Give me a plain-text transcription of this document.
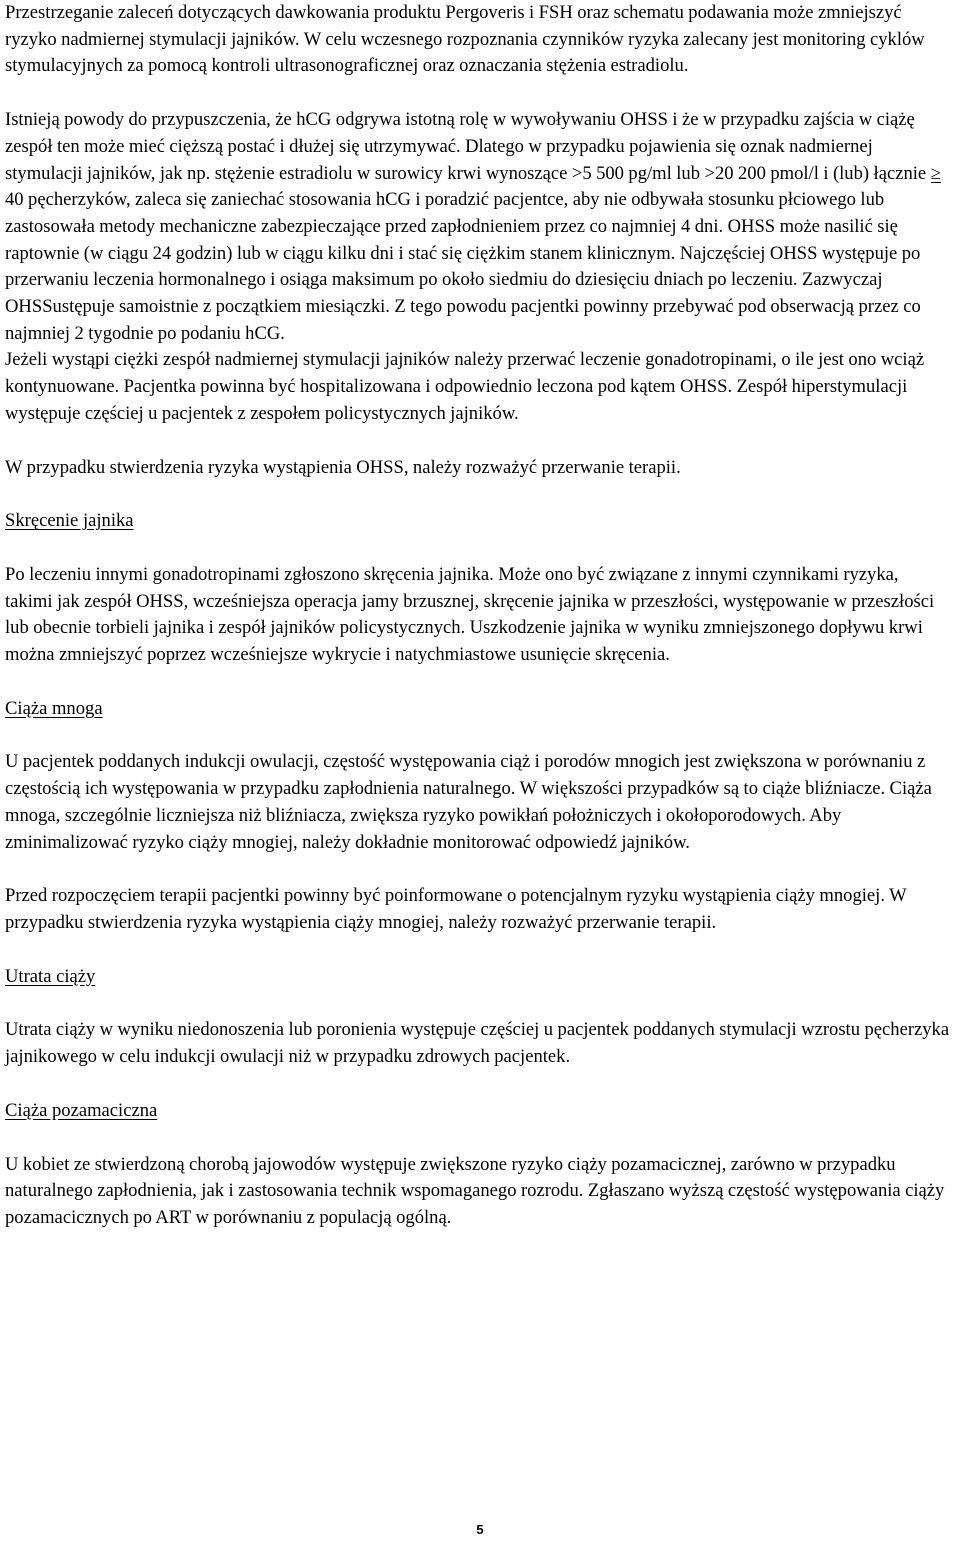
Przestrzeganie zaleceń dotyczących dawkowania produktu Pergoveris i FSH oraz schematu podawania może zmniejszyć ryzyko nadmiernej stymulacji jajników. W celu wczesnego rozpoznania czynników ryzyka zalecany jest monitoring cyklów stymulacyjnych za pomocą kontroli ultrasonograficznej oraz oznaczania stężenia estradiolu.

Istnieją powody do przypuszczenia, że hCG odgrywa istotną rolę w wywoływaniu OHSS i że w przypadku zajścia w ciążę zespół ten może mieć cięższą postać i dłużej się utrzymywać. Dlatego w przypadku pojawienia się oznak nadmiernej stymulacji jajników, jak np. stężenie estradiolu w surowicy krwi wynoszące >5 500 pg/ml lub >20 200 pmol/l i (lub) łącznie ≥40 pęcherzyków, zaleca się zaniechać stosowania hCG i poradzić pacjentce, aby nie odbywała stosunku płciowego lub zastosowała metody mechaniczne zabezpieczające przed zapłodnieniem przez co najmniej 4 dni. OHSS może nasilić się raptownie (w ciągu 24 godzin) lub w ciągu kilku dni i stać się ciężkim stanem klinicznym. Najczęściej OHSS występuje po przerwaniu leczenia hormonalnego i osiąga maksimum po około siedmiu do dziesięciu dniach po leczeniu. Zazwyczaj OHSSustępuje samoistnie z początkiem miesiączki. Z tego powodu pacjentki powinny przebywać pod obserwacją przez co najmniej 2 tygodnie po podaniu hCG.

Jeżeli wystąpi ciężki zespół nadmiernej stymulacji jajników należy przerwać leczenie gonadotropinami, o ile jest ono wciąż kontynuowane. Pacjentka powinna być hospitalizowana i odpowiednio leczona pod kątem OHSS. Zespół hiperstymulacji występuje częściej u pacjentek z zespołem policystycznych jajników.

W przypadku stwierdzenia ryzyka wystąpienia OHSS, należy rozważyć przerwanie terapii.

Skręcenie jajnika

Po leczeniu innymi gonadotropinami zgłoszono skręcenia jajnika. Może ono być związane z innymi czynnikami ryzyka, takimi jak zespół OHSS, wcześniejsza operacja jamy brzusznej, skręcenie jajnika w przeszłości, występowanie w przeszłości lub obecnie torbieli jajnika i zespół jajników policystycznych. Uszkodzenie jajnika w wyniku zmniejszonego dopływu krwi można zmniejszyć poprzez wcześniejsze wykrycie i natychmiastowe usunięcie skręcenia.

Ciąża mnoga

U pacjentek poddanych indukcji owulacji, częstość występowania ciąż i porodów mnogich jest zwiększona w porównaniu z częstością ich występowania w przypadku zapłodnienia naturalnego. W większości przypadków są to ciąże bliźniacze. Ciąża mnoga, szczególnie liczniejsza niż bliźniacza, zwiększa ryzyko powikłań położniczych i okołoporodowych. Aby zminimalizować ryzyko ciąży mnogiej, należy dokładnie monitorować odpowiedź jajników.

Przed rozpoczęciem terapii pacjentki powinny być poinformowane o potencjalnym ryzyku wystąpienia ciąży mnogiej. W przypadku stwierdzenia ryzyka wystąpienia ciąży mnogiej, należy rozważyć przerwanie terapii.

Utrata ciąży

Utrata ciąży w wyniku niedonoszenia lub poronienia występuje częściej u pacjentek poddanych stymulacji wzrostu pęcherzyka jajnikowego w celu indukcji owulacji niż w przypadku zdrowych pacjentek.

Ciąża pozamaciczna

U kobiet ze stwierdzoną chorobą jajowodów występuje zwiększone ryzyko ciąży pozamacicznej, zarówno w przypadku naturalnego zapłodnienia, jak i zastosowania technik wspomaganego rozrodu. Zgłaszano wyższą częstość występowania ciąży pozamacicznych po ART w porównaniu z populacją ogólną.

5
